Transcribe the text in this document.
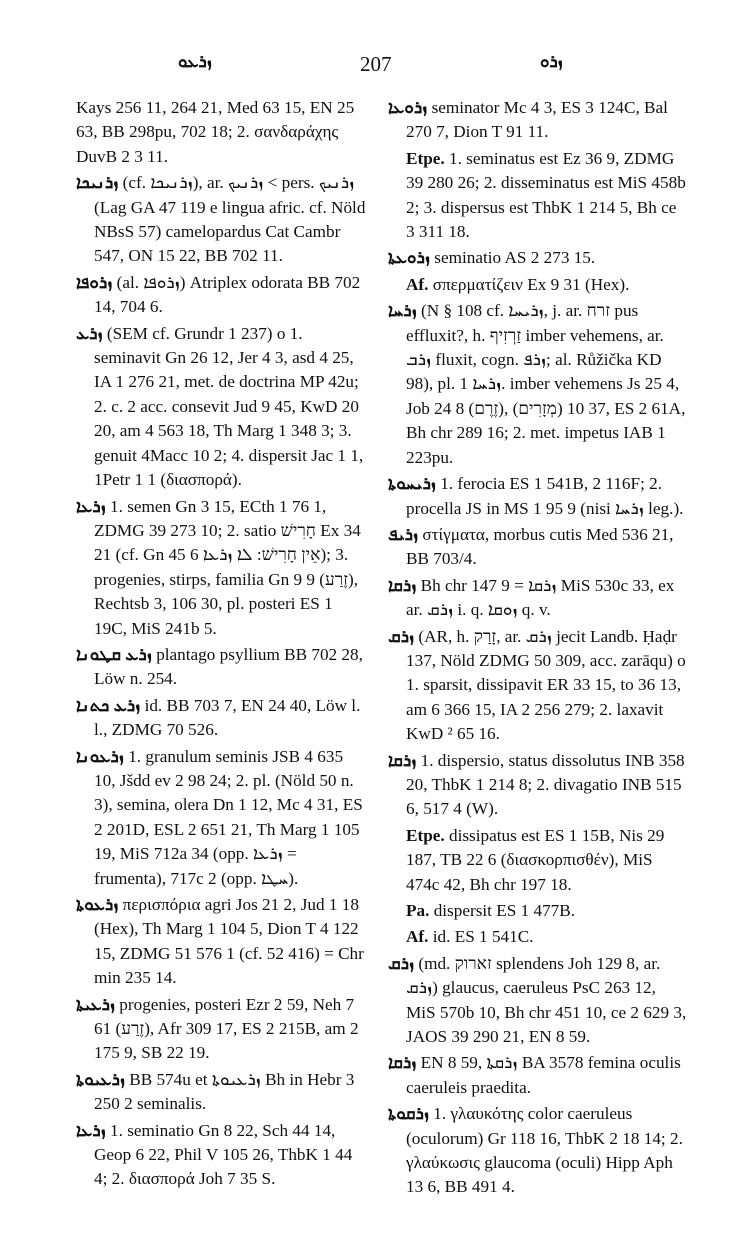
ܙܪܥܘ	207	ܙܪܘ

Kays 256 11, 264 21, Med 63 15, EN 25 63, BB 298pu, 702 18; 2. σανδαράχης DuvB 2 3 11.

ܙܪܢܝܟܐ (cf. ܙܪܢܝܟܐ), ar. ܙܪܢܝܟ < pers. ܙܪܢܝܟ (Lag GA 47 119 e lingua afric. cf. Nöld NBsS 57) camelopardus Cat Cambr 547, ON 15 22, BB 702 11.

ܙܪܘܦܐ (al. ܙܪܘܦܐ) Atriplex odorata BB 702 14, 704 6.

ܙܪܥ (SEM cf. Grundr 1 237) o 1. seminavit Gn 26 12, Jer 4 3, asd 4 25, IA 1 276 21, met. de doctrina MP 42u; 2. c. 2 acc. consevit Jud 9 45, KwD 20 20, am 4 563 18, Th Marg 1 348 3; 3. genuit 4Macc 10 2; 4. dispersit Jac 1 1, 1Petr 1 1 (διασπορά).

ܙܪܥܐ 1. semen Gn 3 15, ECth 1 76 1, ZDMG 39 273 10; 2. satio חָרִישׁ Ex 34 21 (cf. Gn 45 6 אֵין חָרִישׁ: ܠܐ ܙܪܥܐ); 3. progenies, stirps, familia Gn 9 9 (זֶרַע), Rechtsb 3, 106 30, pl. posteri ES 1 19C, MiS 241b 5.

ܙܪܥ ܩܛܘܢܐ plantago psyllium BB 702 28, Löw n. 254.

ܙܪܥ ܟܬܢܐ id. BB 703 7, EN 24 40, Löw l. l., ZDMG 70 526.

ܙܪܥܘܢܐ 1. granulum seminis JSB 4 635 10, Jšdd ev 2 98 24; 2. pl. (Nöld 50 n. 3), semina, olera Dn 1 12, Mc 4 31, ES 2 201D, ESL 2 651 21, Th Marg 1 105 19, MiS 712a 34 (opp. ܙܪܥܐ = frumenta), 717c 2 (opp. ܚܛܐ).

ܙܪܥܘܬܐ περισπόρια agri Jos 21 2, Jud 1 18 (Hex), Th Marg 1 104 5, Dion T 4 122 15, ZDMG 51 576 1 (cf. 52 416) = Chr min 235 14.

ܙܪܥܝܬܐ progenies, posteri Ezr 2 59, Neh 7 61 (זֶרַע), Afr 309 17, ES 2 215B, am 2 175 9, SB 22 19.

ܙܪܥܝܘܬܐ BB 574u et ܙܪܥܝܘܬܐ Bh in Hebr 3 250 2 seminalis.

ܙܪܥܐ 1. seminatio Gn 8 22, Sch 44 14, Geop 6 22, Phil V 105 26, ThbK 1 44 4; 2. διασπορά Joh 7 35 S.

ܙܪܘܥܐ seminator Mc 4 3, ES 3 124C, Bal 270 7, Dion T 91 11.

Etpe. 1. seminatus est Ez 36 9, ZDMG 39 280 26; 2. disseminatus est MiS 458b 2; 3. dispersus est ThbK 1 214 5, Bh ce 3 311 18.

ܙܪܘܥܬܐ seminatio AS 2 273 15.

Af. σπερματίζειν Ex 9 31 (Hex).

ܙܪܚܐ (N § 108 cf. ܙܪܝܚܐ, j. ar. זרח pus effluxit?, h. זַרְזִיף imber vehemens, ar. ܙܪܒ fluxit, cogn. ܙܪܦ; al. Růžička KD 98), pl. ܙܪܚܐ 1. imber vehemens Js 25 4, Job 24 8 (זֶרֶם), 37 10 (מְזָרִים), ES 2 61A, Bh chr 289 16; 2. met. impetus IAB 1 223pu.

ܙܪܝܚܘܬܐ 1. ferocia ES 1 541B, 2 116F; 2. procella JS in MS 1 95 9 (nisi ܙܪܚܐ leg.).

ܙܪܝܦ στίγματα, morbus cutis Med 536 21, BB 703/4.

ܙܪܩܐ Bh chr 147 9 = ܙܪܩܐ MiS 530c 33, ex ar. ܙܪܩ i. q. ܙܘܩܐ q. v.

ܙܪܩ (AR, h. זָרַק, ar. ܙܪܩ jecit Landb. Ḥaḍr 137, Nöld ZDMG 50 309, acc. zarāqu) o 1. sparsit, dissipavit ER 33 15, to 36 13, am 6 366 15, IA 2 256 279; 2. laxavit KwD ² 65 16.

ܙܪܩܐ 1. dispersio, status dissolutus INB 358 20, ThbK 1 214 8; 2. divagatio INB 515 6, 517 4 (W).

Etpe. dissipatus est ES 1 15B, Nis 29 187, TB 22 6 (διασκορπισθέν), MiS 474c 42, Bh chr 197 18.

Pa. dispersit ES 1 477B.

Af. id. ES 1 541C.

ܙܪܩ (md. זארוק splendens Joh 129 8, ar. ܙܪܩ) glaucus, caeruleus PsC 263 12, MiS 570b 10, Bh chr 451 10, ce 2 629 3, JAOS 39 290 21, EN 8 59.

ܙܪܩܐ EN 8 59, ܙܪܩܬܐ BA 3578 femina oculis caeruleis praedita.

ܙܪܩܘܬܐ 1. γλαυκότης color caeruleus (oculorum) Gr 118 16, ThbK 2 18 14; 2. γλαύκωσις glaucoma (oculi) Hipp Aph 13 6, BB 491 4.
